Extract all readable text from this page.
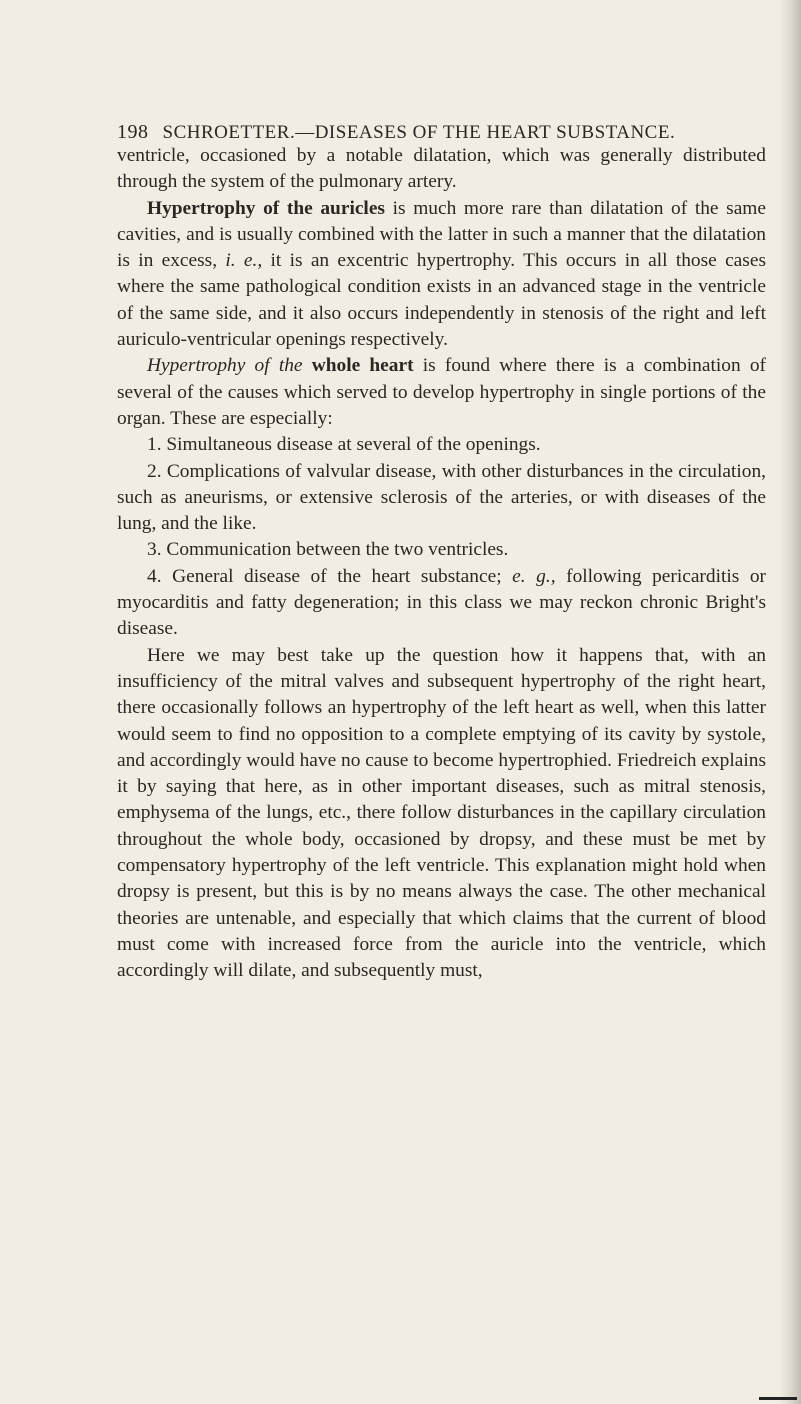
198 SCHROETTER.—DISEASES OF THE HEART SUBSTANCE.

ventricle, occasioned by a notable dilatation, which was generally distributed through the system of the pulmonary artery.

Hypertrophy of the auricles is much more rare than dilatation of the same cavities, and is usually combined with the latter in such a manner that the dilatation is in excess, i. e., it is an excentric hypertrophy. This occurs in all those cases where the same pathological condition exists in an advanced stage in the ventricle of the same side, and it also occurs independently in stenosis of the right and left auriculo-ventricular openings respectively.

Hypertrophy of the whole heart is found where there is a combination of several of the causes which served to develop hypertrophy in single portions of the organ. These are especially:

1. Simultaneous disease at several of the openings.

2. Complications of valvular disease, with other disturbances in the circulation, such as aneurisms, or extensive sclerosis of the arteries, or with diseases of the lung, and the like.

3. Communication between the two ventricles.

4. General disease of the heart substance; e. g., following pericarditis or myocarditis and fatty degeneration; in this class we may reckon chronic Bright's disease.

Here we may best take up the question how it happens that, with an insufficiency of the mitral valves and subsequent hypertrophy of the right heart, there occasionally follows an hypertrophy of the left heart as well, when this latter would seem to find no opposition to a complete emptying of its cavity by systole, and accordingly would have no cause to become hypertrophied. Friedreich explains it by saying that here, as in other important diseases, such as mitral stenosis, emphysema of the lungs, etc., there follow disturbances in the capillary circulation throughout the whole body, occasioned by dropsy, and these must be met by compensatory hypertrophy of the left ventricle. This explanation might hold when dropsy is present, but this is by no means always the case. The other mechanical theories are untenable, and especially that which claims that the current of blood must come with increased force from the auricle into the ventricle, which accordingly will dilate, and subsequently must,
